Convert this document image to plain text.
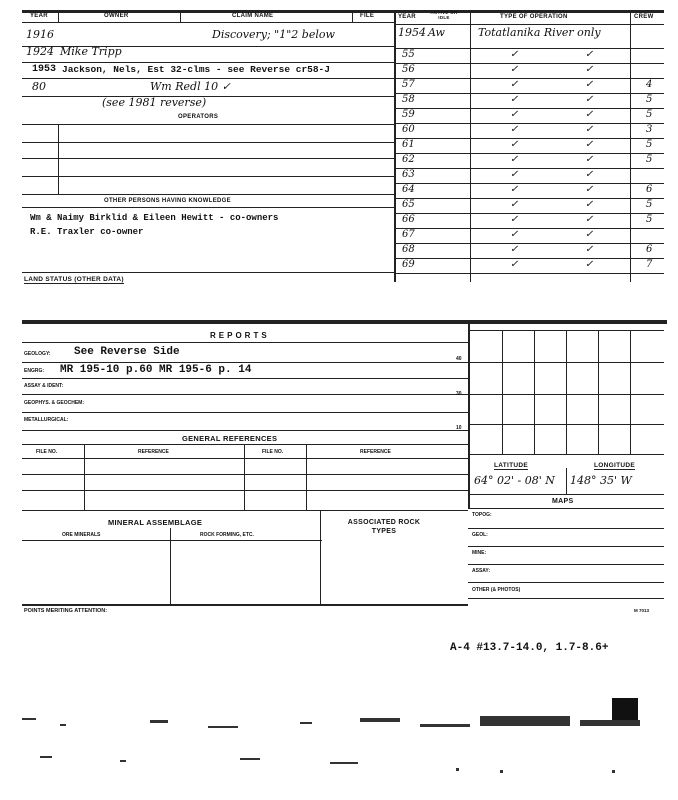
YEAR	OWNER	CLAIM NAME	FILE
1916	Discovery; "1"2 below
1924 Mike Tripp
1953 Jackson, Nels, Est 32-clms - see Reverse cr58-J
80	Wm Redl 10 ✓
(see 1981 reverse)
OPERATORS
OTHER PERSONS HAVING KNOWLEDGE
Wm & Naimy Birklid & Eileen Hewitt - co-owners
R.E. Traxler co-owner
LAND STATUS (OTHER DATA)
YEAR
ACTIVE OR IDLE	TYPE OF OPERATION	CREW
1954 Aw	Totatlanika River only
55	✓	✓
56	✓	✓
57	✓	✓	4
58	✓	✓	5
59	✓	✓	5
60	✓	✓	3
61	✓	✓	5
62	✓	✓	5
63	✓	✓
64	✓	✓	6
65	✓	✓	5
66	✓	✓	5
67	✓	✓
68	✓	✓	6
69	✓	✓	7
REPORTS
GEOLOGY: See Reverse Side
ENGRG: MR 195-10 p.60 MR 195-6 p. 14
ASSAY & IDENT:
GEOPHYS. & GEOCHEM:
METALLURGICAL:
40
30
10
GENERAL REFERENCES
FILE NO.	REFERENCE	FILE NO.	REFERENCE
MINERAL ASSEMBLAGE
ORE MINERALS	ROCK FORMING, ETC.
ASSOCIATED ROCK TYPES
POINTS MERITING ATTENTION:
LATITUDE	LONGITUDE
64° 02' - 08' N 148° 35' W
MAPS
TOPOG:
GEOL:
MINE:
ASSAY:
OTHER (& PHOTOS)
M 7013
A-4 #13.7-14.0, 1.7-8.6+
